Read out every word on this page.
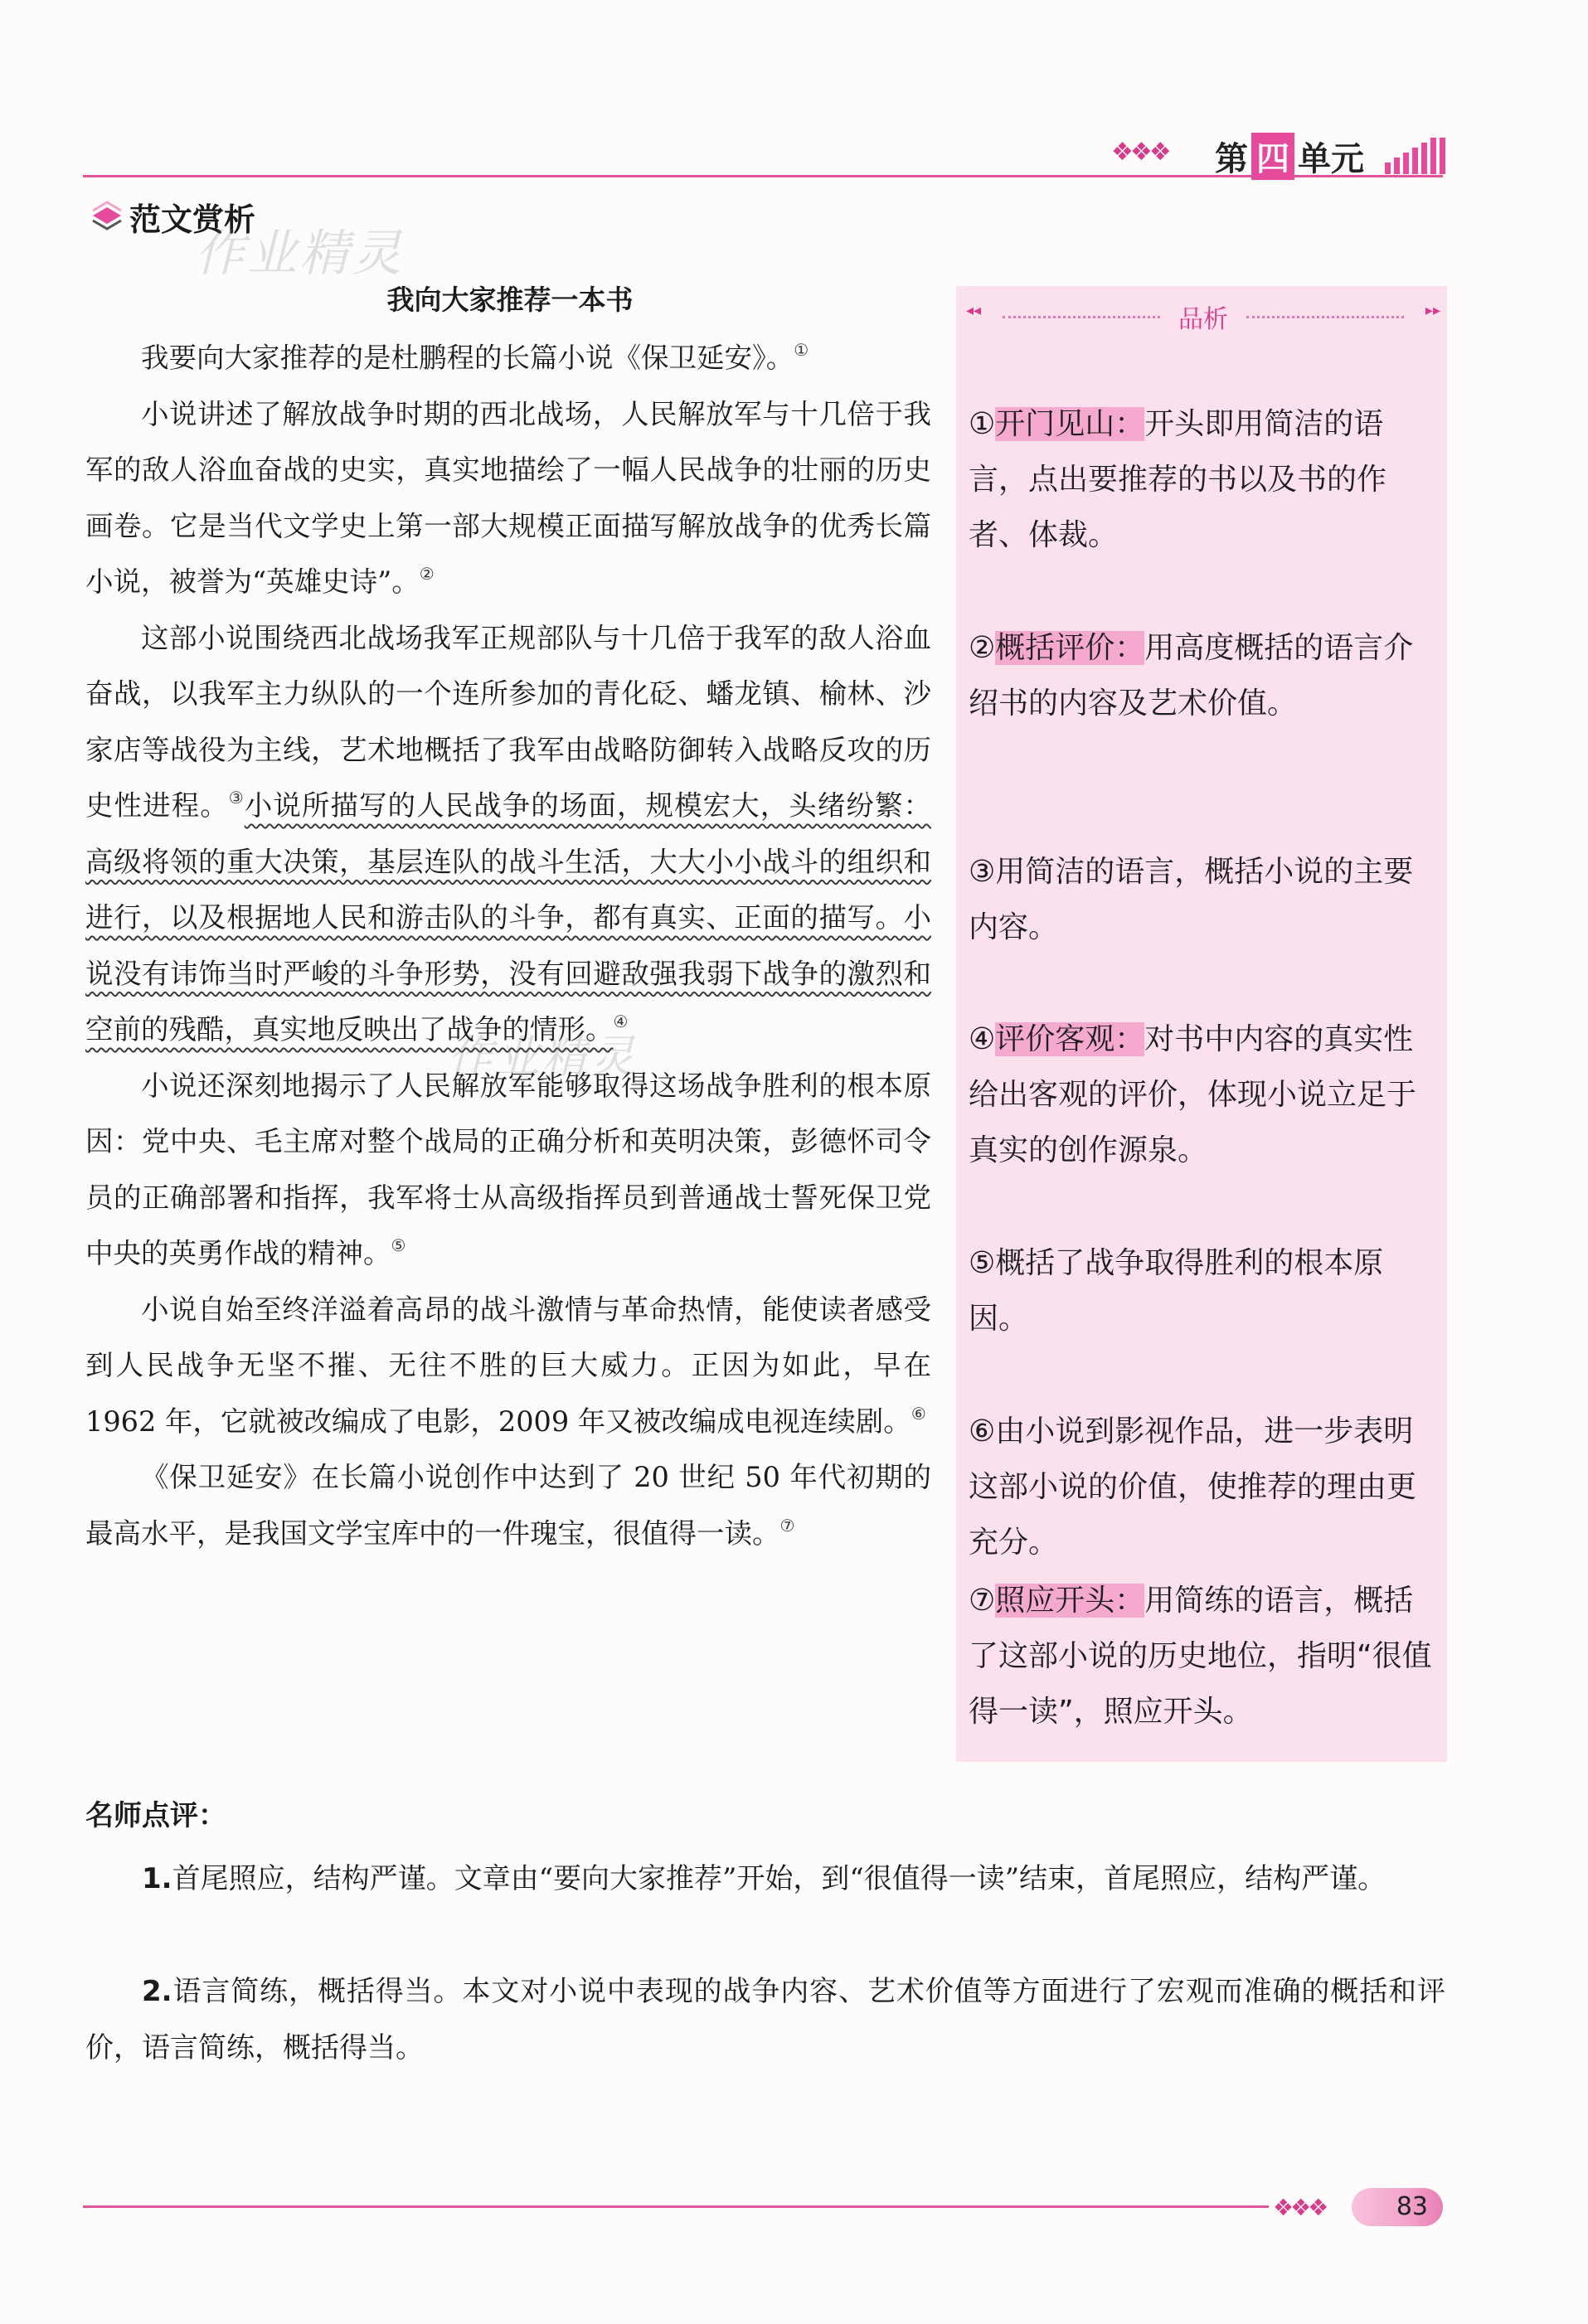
❖❖❖ 第 四 单元
范文赏析
作业精灵
◂◂	品析	▸▸
①开门见山：开头即用简洁的语言，点出要推荐的书以及书的作者、体裁。
②概括评价：用高度概括的语言介绍书的内容及艺术价值。
③用简洁的语言，概括小说的主要内容。
④评价客观：对书中内容的真实性给出客观的评价，体现小说立足于真实的创作源泉。
⑤概括了战争取得胜利的根本原因。
⑥由小说到影视作品，进一步表明这部小说的价值，使推荐的理由更充分。
⑦照应开头：用简练的语言，概括了这部小说的历史地位，指明“很值得一读”，照应开头。
我向大家推荐一本书

我要向大家推荐的是杜鹏程的长篇小说《保卫延安》。①

小说讲述了解放战争时期的西北战场，人民解放军与十几倍于我军的敌人浴血奋战的史实，真实地描绘了一幅人民战争的壮丽的历史画卷。它是当代文学史上第一部大规模正面描写解放战争的优秀长篇小说，被誉为“英雄史诗”。②

这部小说围绕西北战场我军正规部队与十几倍于我军的敌人浴血奋战，以我军主力纵队的一个连所参加的青化砭、蟠龙镇、榆林、沙家店等战役为主线，艺术地概括了我军由战略防御转入战略反攻的历史性进程。③小说所描写的人民战争的场面，规模宏大，头绪纷繁：高级将领的重大决策，基层连队的战斗生活，大大小小战斗的组织和进行，以及根据地人民和游击队的斗争，都有真实、正面的描写。小说没有讳饰当时严峻的斗争形势，没有回避敌强我弱下战争的激烈和空前的残酷，真实地反映出了战争的情形。④

小说还深刻地揭示了人民解放军能够取得这场战争胜利的根本原因：党中央、毛主席对整个战局的正确分析和英明决策，彭德怀司令员的正确部署和指挥，我军将士从高级指挥员到普通战士誓死保卫党中央的英勇作战的精神。⑤

小说自始至终洋溢着高昂的战斗激情与革命热情，能使读者感受到人民战争无坚不摧、无往不胜的巨大威力。正因为如此，早在 1962 年，它就被改编成了电影，2009 年又被改编成电视连续剧。⑥

《保卫延安》在长篇小说创作中达到了 20 世纪 50 年代初期的最高水平，是我国文学宝库中的一件瑰宝，很值得一读。⑦

作业精灵
名师点评：
1.首尾照应，结构严谨。文章由“要向大家推荐”开始，到“很值得一读”结束，首尾照应，结构严谨。
2.语言简练，概括得当。本文对小说中表现的战争内容、艺术价值等方面进行了宏观而准确的概括和评价，语言简练，概括得当。
❖❖❖	83
